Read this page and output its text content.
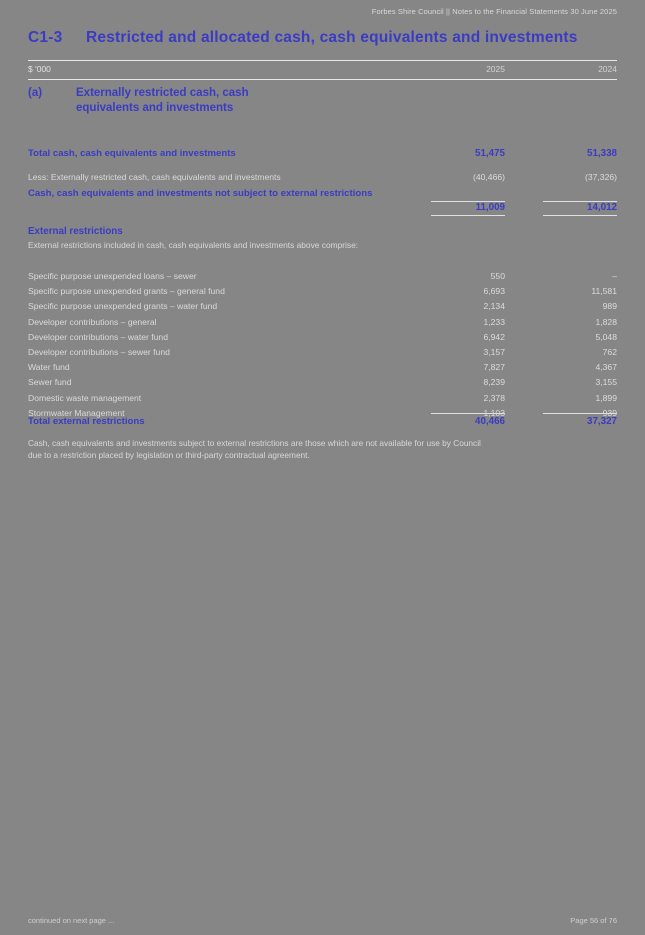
Forbes Shire Council || Notes to the Financial Statements 30 June 2025
C1-3 Restricted and allocated cash, cash equivalents and investments
$ '000	2025	2024
(a)	Externally restricted cash, cash equivalents and investments
Total cash, cash equivalents and investments	51,475	51,338
Less: Externally restricted cash, cash equivalents and investments	(40,466)	(37,326)
Cash, cash equivalents and investments not subject to external restrictions
11,009	14,012
External restrictions
External restrictions included in cash, cash equivalents and investments above comprise:
Specific purpose unexpended loans – sewer	550	–
Specific purpose unexpended grants – general fund	6,693	11,581
Specific purpose unexpended grants – water fund	2,134	989
Developer contributions – general	1,233	1,828
Developer contributions – water fund	6,942	5,048
Developer contributions – sewer fund	3,157	762
Water fund	7,827	4,367
Sewer fund	8,239	3,155
Domestic waste management	2,378	1,899
Stormwater Management	1,103	939
Total external restrictions	40,466	37,327
Cash, cash equivalents and investments subject to external restrictions are those which are not available for use by Council due to a restriction placed by legislation or third-party contractual agreement.
continued on next page ...	Page 56 of 76
